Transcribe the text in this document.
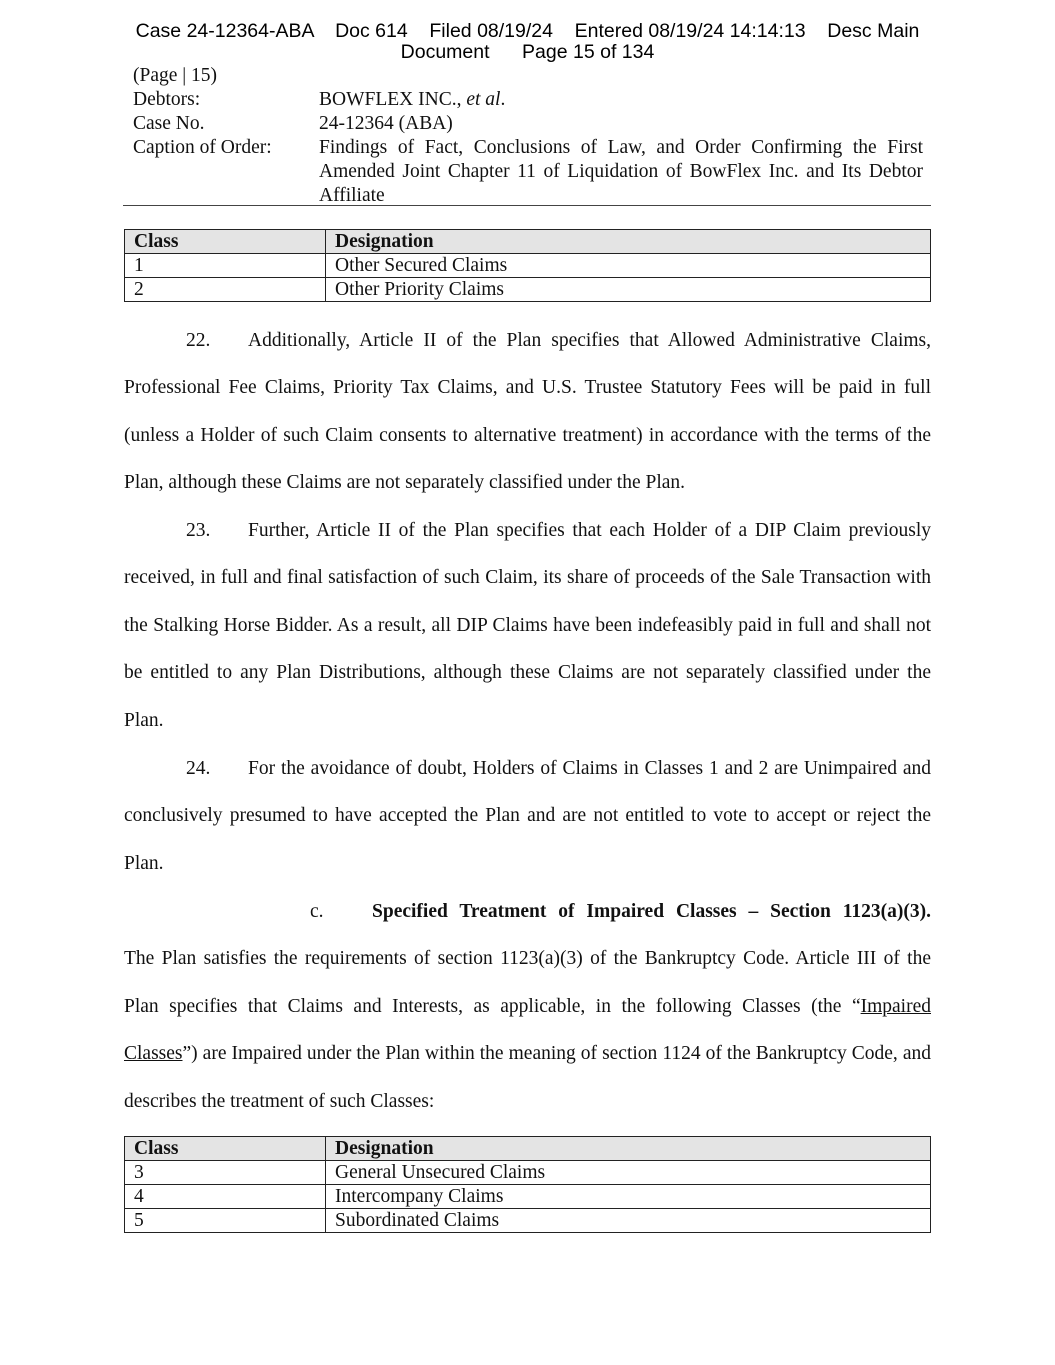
Case 24-12364-ABA    Doc 614    Filed 08/19/24    Entered 08/19/24 14:14:13    Desc Main
Document      Page 15 of 134
(Page | 15)
Debtors:	BOWFLEX INC., et al.
Case No.	24-12364 (ABA)
Caption of Order:	Findings of Fact, Conclusions of Law, and Order Confirming the First Amended Joint Chapter 11 of Liquidation of BowFlex Inc. and Its Debtor Affiliate
Class	Designation
1	Other Secured Claims
2	Other Priority Claims

22. Additionally, Article II of the Plan specifies that Allowed Administrative Claims, Professional Fee Claims, Priority Tax Claims, and U.S. Trustee Statutory Fees will be paid in full (unless a Holder of such Claim consents to alternative treatment) in accordance with the terms of the Plan, although these Claims are not separately classified under the Plan.

23. Further, Article II of the Plan specifies that each Holder of a DIP Claim previously received, in full and final satisfaction of such Claim, its share of proceeds of the Sale Transaction with the Stalking Horse Bidder. As a result, all DIP Claims have been indefeasibly paid in full and shall not be entitled to any Plan Distributions, although these Claims are not separately classified under the Plan.

24. For the avoidance of doubt, Holders of Claims in Classes 1 and 2 are Unimpaired and conclusively presumed to have accepted the Plan and are not entitled to vote to accept or reject the Plan.

c. Specified Treatment of Impaired Classes – Section 1123(a)(3).
The Plan satisfies the requirements of section 1123(a)(3) of the Bankruptcy Code. Article III of the Plan specifies that Claims and Interests, as applicable, in the following Classes (the “Impaired Classes”) are Impaired under the Plan within the meaning of section 1124 of the Bankruptcy Code, and describes the treatment of such Classes:
Class	Designation
3	General Unsecured Claims
4	Intercompany Claims
5	Subordinated Claims
